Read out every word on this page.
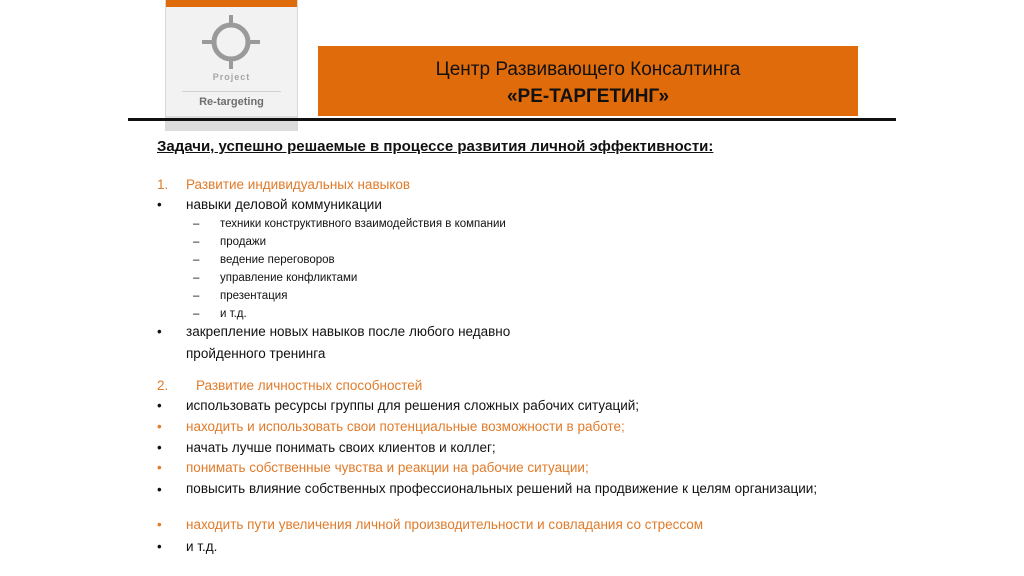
Project
Re-targeting
Центр Развивающего Консалтинга
«РЕ-ТАРГЕТИНГ»
Задачи, успешно решаемые в процессе развития личной эффективности:
1. Развитие индивидуальных навыков
• навыки деловой коммуникации
– техники конструктивного взаимодействия в компании
– продажи
– ведение переговоров
– управление конфликтами
– презентация
– и т.д.
• закрепление новых навыков после любого недавно
пройденного тренинга
2. Развитие личностных способностей
• использовать ресурсы группы для решения сложных рабочих ситуаций;
• находить и использовать свои потенциальные возможности в работе;
• начать лучше понимать своих клиентов и коллег;
• понимать собственные чувства и реакции на рабочие ситуации;
• повысить влияние собственных профессиональных решений на продвижение к целям организации;
• находить пути увеличения личной производительности и совладания со стрессом
• и т.д.
